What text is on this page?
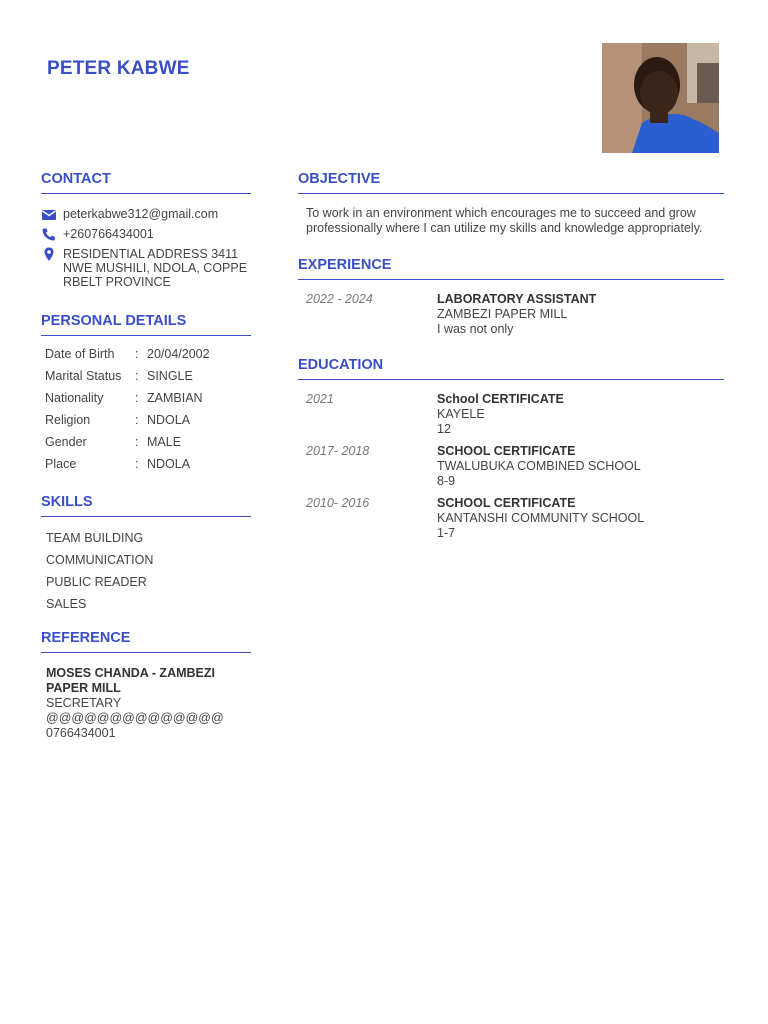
PETER KABWE
CONTACT
peterkabwe312@gmail.com
+260766434001
RESIDENTIAL ADDRESS 3411 NWE MUSHILI, NDOLA, COPPE RBELT PROVINCE
PERSONAL DETAILS
Date of Birth	: 20/04/2002
Marital Status	: SINGLE
Nationality	: ZAMBIAN
Religion	: NDOLA
Gender	: MALE
Place	: NDOLA
SKILLS
TEAM BUILDING
COMMUNICATION
PUBLIC READER
SALES
REFERENCE
MOSES CHANDA - ZAMBEZI PAPER MILL
SECRETARY
@@@@@@@@@@@@@@
0766434001
OBJECTIVE
To work in an environment which encourages me to succeed and grow professionally where I can utilize my skills and knowledge appropriately.
EXPERIENCE
2022 - 2024	LABORATORY ASSISTANT
ZAMBEZI PAPER MILL
I was not only
EDUCATION
2021	School CERTIFICATE
KAYELE
12
2017- 2018	SCHOOL CERTIFICATE
TWALUBUKA COMBINED SCHOOL
8-9
2010- 2016	SCHOOL CERTIFICATE
KANTANSHI COMMUNITY SCHOOL
1-7
